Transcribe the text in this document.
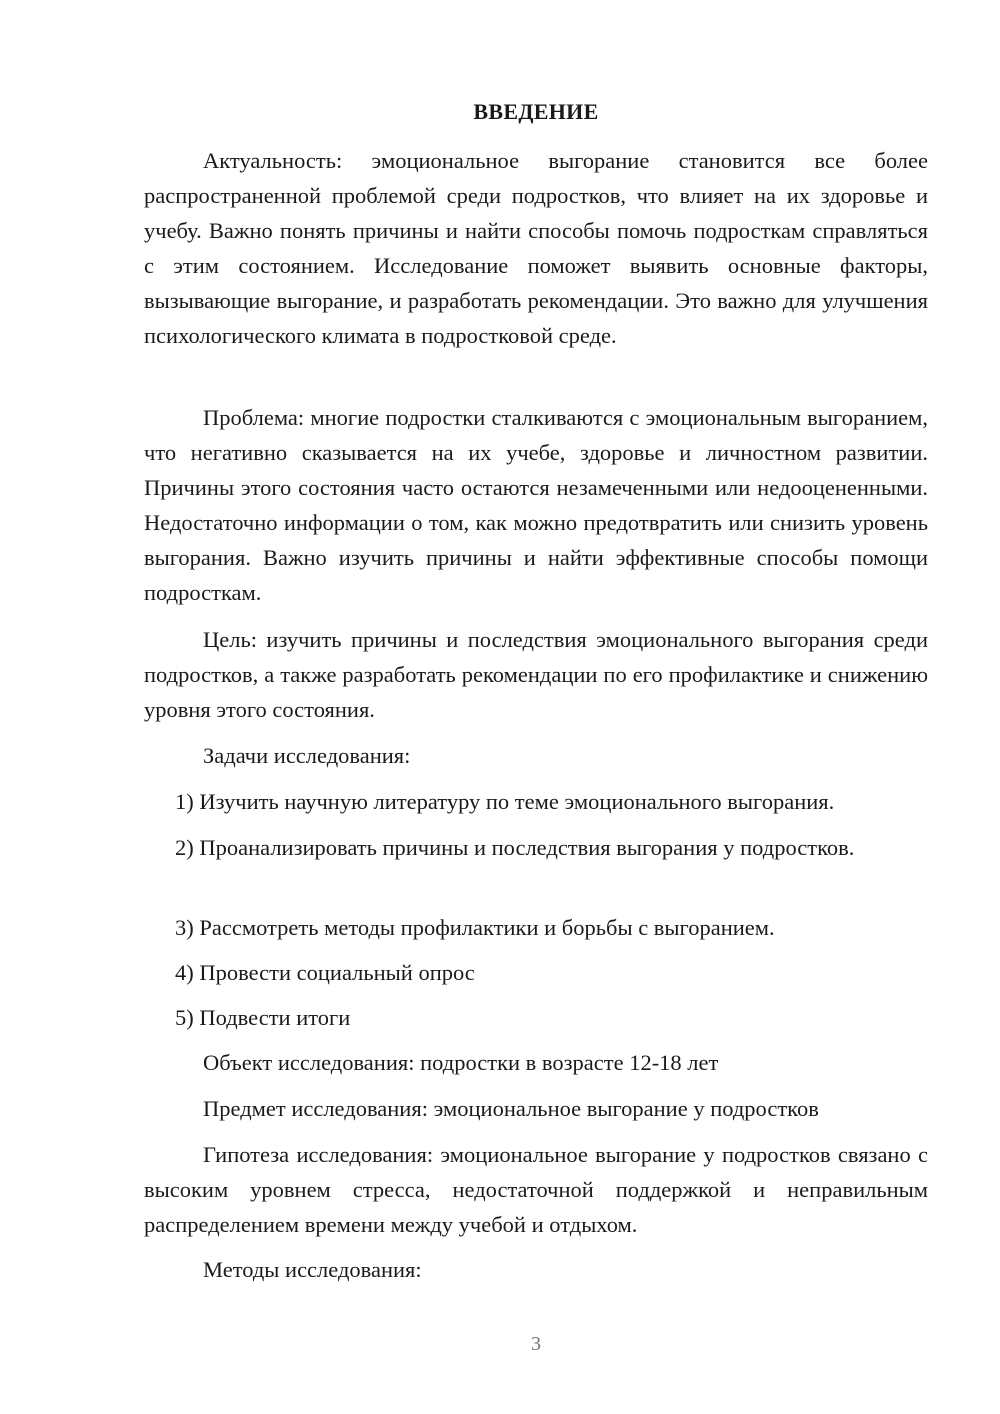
ВВЕДЕНИЕ

Актуальность: эмоциональное выгорание становится все более распространенной проблемой среди подростков, что влияет на их здоровье и учебу. Важно понять причины и найти способы помочь подросткам справляться с этим состоянием. Исследование поможет выявить основные факторы, вызывающие выгорание, и разработать рекомендации. Это важно для улучшения психологического климата в подростковой среде.

Проблема: многие подростки сталкиваются с эмоциональным выгоранием, что негативно сказывается на их учебе, здоровье и личностном развитии. Причины этого состояния часто остаются незамеченными или недооцененными. Недостаточно информации о том, как можно предотвратить или снизить уровень выгорания. Важно изучить причины и найти эффективные способы помощи подросткам.

Цель: изучить причины и последствия эмоционального выгорания среди подростков, а также разработать рекомендации по его профилактике и снижению уровня этого состояния.

Задачи исследования:

1) Изучить научную литературу по теме эмоционального выгорания.

2) Проанализировать причины и последствия выгорания у подростков.

3) Рассмотреть методы профилактики и борьбы с выгоранием.

4) Провести социальный опрос

5) Подвести итоги

Объект исследования: подростки в возрасте 12-18 лет

Предмет исследования: эмоциональное выгорание у подростков

Гипотеза исследования: эмоциональное выгорание у подростков связано с высоким уровнем стресса, недостаточной поддержкой и неправильным распределением времени между учебой и отдыхом.

Методы исследования:

3
